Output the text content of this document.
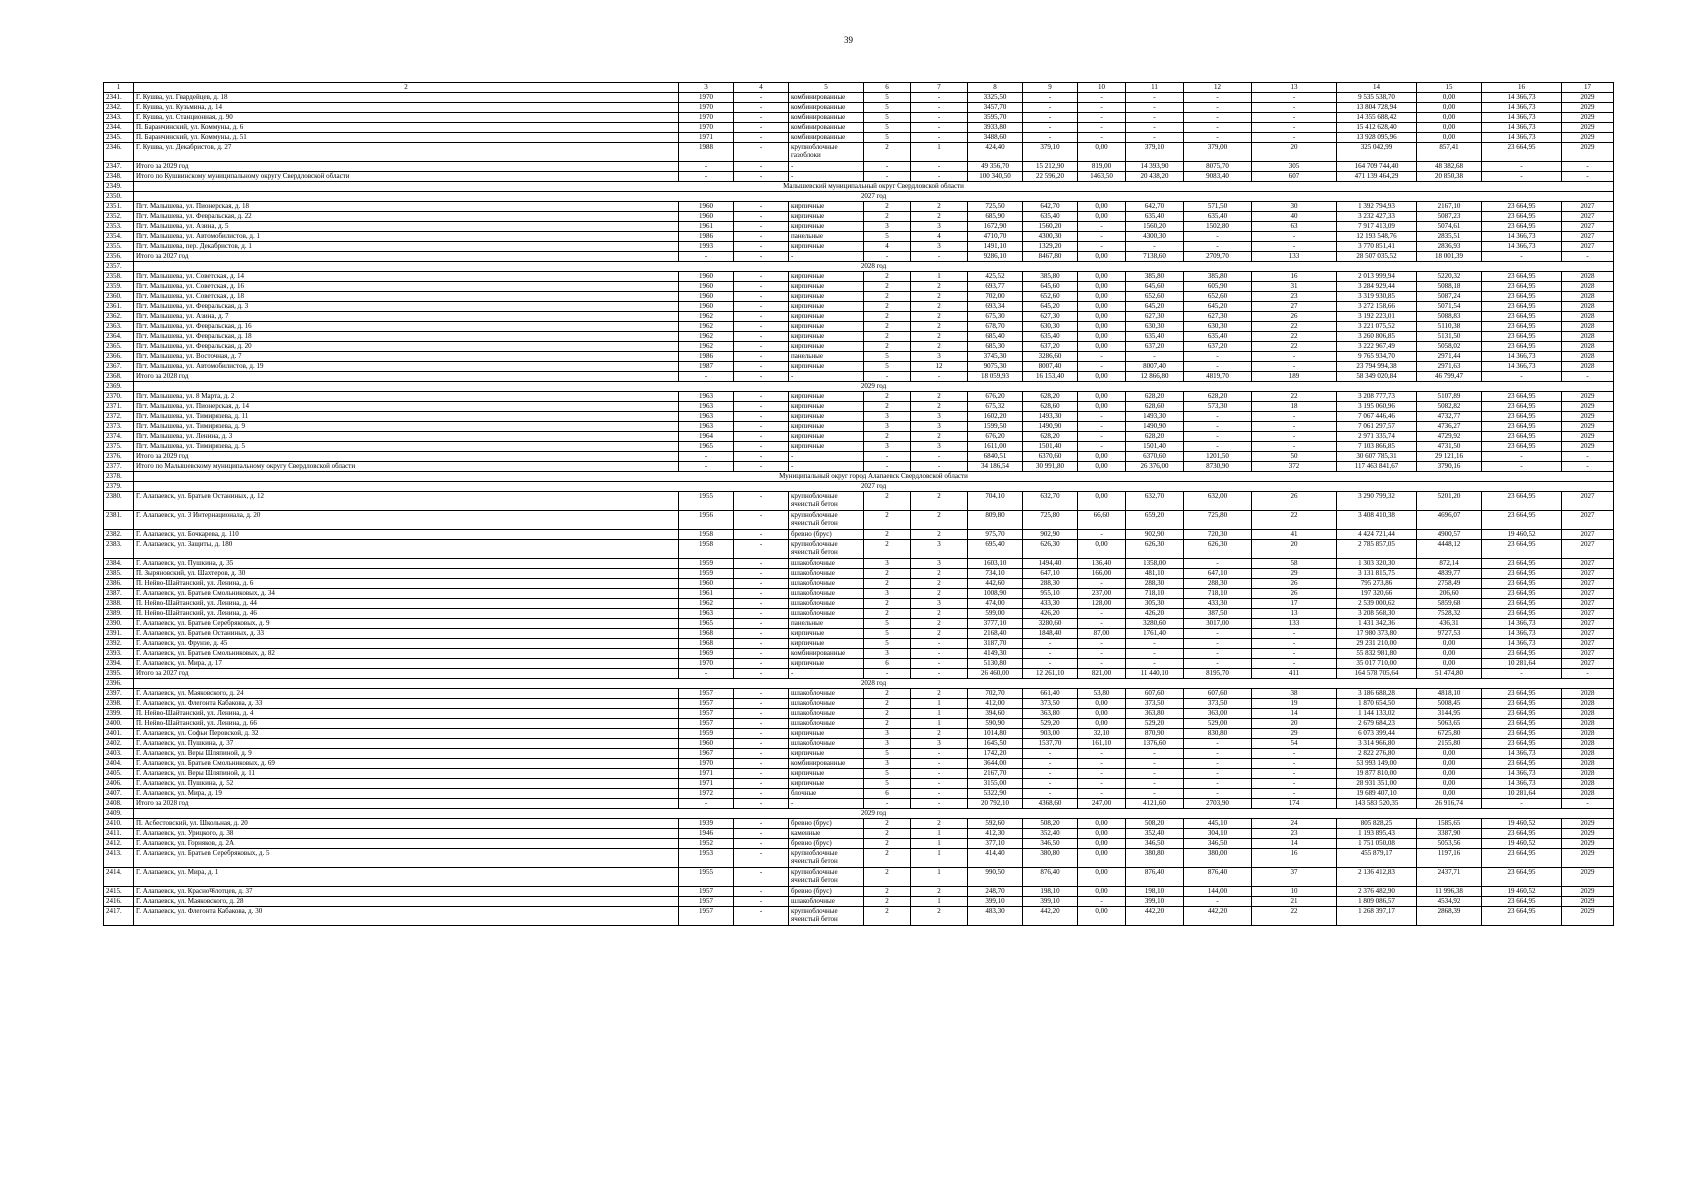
39
1	2	3	4	5	6	7	8	9	10	11	12	13	14	15	16	17
2341.	Г. Кушва, ул. Гвардейцев, д. 18	1970	-	комбинированные	5	-	3325,50	-	-	-	-	-	9 535 538,70	0,00	14 366,73	2029
2342.	Г. Кушва, ул. Кузьмина, д. 14	1970	-	комбинированные	5	-	3457,70	-	-	-	-	-	13 804 728,94	0,00	14 366,73	2029
2343.	Г. Кушва, ул. Станционная, д. 90	1970	-	комбинированные	5	-	3595,70	-	-	-	-	-	14 355 688,42	0,00	14 366,73	2029
2344.	П. Баранчинский, ул. Коммуны, д. 6	1970	-	комбинированные	5	-	3933,80	-	-	-	-	-	15 412 628,40	0,00	14 366,73	2029
2345.	П. Баранчинский, ул. Коммуны, д. 51	1971	-	комбинированные	5	-	3488,60	-	-	-	-	-	13 928 095,96	0,00	14 366,73	2029
2346.	Г. Кушва, ул. Декабристов, д. 27	1988	-	крупноблочные газоблоки	2	1	424,40	379,10	0,00	379,10	379,00	20	325 042,99	857,41	23 664,95	2029
2347.	Итого за 2029 год	-	-	-	-	-	49 356,70	15 212,90	819,00	14 393,90	8075,70	305	164 709 744,40	48 382,68	-	-
2348.	Итого по Кушвинскому муниципальному округу Свердловской области	-	-	-	-	-	100 340,50	22 596,20	1463,50	20 438,20	9083,40	607	471 139 464,29	20 850,38	-	-
2349.	Малышевский муниципальный округ Свердловской области															
2350.	2027 год															
2351.	Пгт. Малышева, ул. Пионерская, д. 18	1960	-	кирпичные	2	2	725,50	642,70	0,00	642,70	571,50	30	1 392 794,93	2167,10	23 664,95	2027
2352.	Пгт. Малышева, ул. Февральская, д. 22	1960	-	кирпичные	2	2	685,90	635,40	0,00	635,40	635,40	40	3 232 427,33	5087,23	23 664,95	2027
2353.	Пгт. Малышева, ул. Азина, д. 5	1961	-	кирпичные	3	3	1672,90	1560,20	-	1560,20	1502,80	63	7 917 413,09	5074,61	23 664,95	2027
2354.	Пгт. Малышева, ул. Автомобилистов, д. 1	1986	-	панельные	5	4	4710,70	4300,30	-	4300,30	-	-	12 193 548,76	2835,51	14 366,73	2027
2355.	Пгт. Малышева, пер. Декабристов, д. 1	1993	-	кирпичные	4	3	1491,10	1329,20	-	-	-	-	3 770 851,41	2836,93	14 366,73	2027
2356.	Итого за 2027 год	-	-	-	-	-	9286,10	8467,80	0,00	7138,60	2709,70	133	28 507 035,52	18 001,39	-	-
2357.	2028 год															
2358.	Пгт. Малышева, ул. Советская, д. 14	1960	-	кирпичные	2	1	425,52	385,80	0,00	385,80	385,80	16	2 013 999,94	5220,32	23 664,95	2028
2359.	Пгт. Малышева, ул. Советская, д. 16	1960	-	кирпичные	2	2	693,77	645,60	0,00	645,60	605,90	31	3 284 929,44	5088,18	23 664,95	2028
2360.	Пгт. Малышева, ул. Советская, д. 18	1960	-	кирпичные	2	2	702,00	652,60	0,00	652,60	652,60	23	3 319 930,85	5087,24	23 664,95	2028
2361.	Пгт. Малышева, ул. Февральская, д. 3	1960	-	кирпичные	2	2	693,34	645,20	0,00	645,20	645,20	27	3 272 158,66	5071,54	23 664,95	2028
2362.	Пгт. Малышева, ул. Азина, д. 7	1962	-	кирпичные	2	2	675,30	627,30	0,00	627,30	627,30	26	3 192 223,01	5088,83	23 664,95	2028
2363.	Пгт. Малышева, ул. Февральская, д. 16	1962	-	кирпичные	2	2	678,70	630,30	0,00	630,30	630,30	22	3 221 075,52	5110,38	23 664,95	2028
2364.	Пгт. Малышева, ул. Февральская, д. 18	1962	-	кирпичные	2	2	685,40	635,40	0,00	635,40	635,40	22	3 260 806,85	5131,50	23 664,95	2028
2365.	Пгт. Малышева, ул. Февральская, д. 20	1962	-	кирпичные	2	2	685,30	637,20	0,00	637,20	637,20	22	3 222 967,49	5058,02	23 664,95	2028
2366.	Пгт. Малышева, ул. Восточная, д. 7	1986	-	панельные	5	3	3745,30	3286,60	-	-	-	-	9 765 934,70	2971,44	14 366,73	2028
2367.	Пгт. Малышева, ул. Автомобилистов, д. 19	1987	-	кирпичные	5	12	9075,30	8007,40	-	8007,40	-	-	23 794 994,38	2971,63	14 366,73	2028
2368.	Итого за 2028 год	-	-	-	-	-	18 059,93	16 153,40	0,00	12 866,80	4819,70	189	58 349 020,84	46 799,47	-	-
2369.	2029 год															
2370.	Пгт. Малышева, ул. 8 Марта, д. 2	1963	-	кирпичные	2	2	676,20	628,20	0,00	628,20	628,20	22	3 208 777,73	5107,89	23 664,95	2029
2371.	Пгт. Малышева, ул. Пионерская, д. 14	1963	-	кирпичные	2	2	675,32	628,60	0,00	628,60	573,30	18	3 195 060,96	5082,82	23 664,95	2029
2372.	Пгт. Малышева, ул. Тимирязева, д. 11	1963	-	кирпичные	3	3	1602,20	1493,30	-	1493,30	-	-	7 067 446,46	4732,77	23 664,95	2029
2373.	Пгт. Малышева, ул. Тимирязева, д. 9	1963	-	кирпичные	3	3	1599,50	1490,90	-	1490,90	-	-	7 061 297,57	4736,27	23 664,95	2029
2374.	Пгт. Малышева, ул. Ленина, д. 3	1964	-	кирпичные	2	2	676,20	628,20	-	628,20	-	-	2 971 335,74	4729,92	23 664,95	2029
2375.	Пгт. Малышева, ул. Тимирязева, д. 5	1965	-	кирпичные	3	3	1611,00	1501,40	-	1501,40	-	-	7 103 866,85	4731,50	23 664,95	2029
2376.	Итого за 2029 год	-	-	-	-	-	6840,51	6370,60	0,00	6370,60	1201,50	50	30 607 785,31	29 121,16	-	-
2377.	Итого по Малышевскому муниципальному округу Свердловской области	-	-	-	-	-	34 186,54	30 991,80	0,00	26 376,00	8730,90	372	117 463 841,67	3790,16	-	-
2378.	Муниципальный округ город Алапаевск Свердловской области															
2379.	2027 год															
2380.	Г. Алапаевск, ул. Братьев Останиных, д. 12	1955	-	крупноблочные ячеистый бетон	2	2	704,10	632,70	0,00	632,70	632,00	26	3 290 799,32	5201,20	23 664,95	2027
2381.	Г. Алапаевск, ул. 3 Интернационала, д. 20	1956	-	крупноблочные ячеистый бетон	2	2	809,80	725,80	66,60	659,20	725,80	22	3 408 410,38	4696,07	23 664,95	2027
2382.	Г. Алапаевск, ул. Бочкарева, д. 110	1958	-	бревно (брус)	2	2	975,70	902,90	-	902,90	720,30	41	4 424 721,44	4900,57	19 460,52	2027
2383.	Г. Алапаевск, ул. Защиты, д. 180	1958	-	крупноблочные ячеистый бетон	2	3	695,40	626,30	0,00	626,30	626,30	20	2 785 857,05	4448,12	23 664,95	2027
2384.	Г. Алапаевск, ул. Пушкина, д. 35	1959	-	шлакоблочные	3	3	1603,10	1494,40	136,40	1358,00	-	58	1 303 320,30	872,14	23 664,95	2027
2385.	П. Зыряновский, ул. Шахтеров, д. 30	1959	-	шлакоблочные	2	2	734,10	647,10	166,00	481,10	647,10	29	3 131 815,75	4839,77	23 664,95	2027
2386.	П. Нейво-Шайтанский, ул. Ленина, д. 6	1960	-	шлакоблочные	2	2	442,60	288,30	-	288,30	288,30	26	795 273,86	2758,49	23 664,95	2027
2387.	Г. Алапаевск, ул. Братьев Смольниковых, д. 34	1961	-	шлакоблочные	3	2	1008,90	955,10	237,00	718,10	718,10	26	197 320,66	206,60	23 664,95	2027
2388.	П. Нейво-Шайтанский, ул. Ленина, д. 44	1962	-	шлакоблочные	2	3	474,00	433,30	128,00	305,30	433,30	17	2 539 000,62	5859,68	23 664,95	2027
2389.	П. Нейво-Шайтанский, ул. Ленина, д. 46	1963	-	шлакоблочные	2	2	599,00	426,20	-	426,20	387,50	13	3 208 568,30	7528,32	23 664,95	2027
2390.	Г. Алапаевск, ул. Братьев Серебряковых, д. 9	1965	-	панельные	5	2	3777,10	3280,60	-	3280,60	3017,00	133	1 431 342,36	436,31	14 366,73	2027
2391.	Г. Алапаевск, ул. Братьев Останиных, д. 33	1968	-	кирпичные	5	2	2168,40	1848,40	87,00	1761,40	-	-	17 980 373,80	9727,53	14 366,73	2027
2392.	Г. Алапаевск, ул. Фрунзе, д. 45	1968	-	кирпичные	5	-	3187,70	-	-	-	-	-	29 231 210,00	0,00	14 366,73	2027
2393.	Г. Алапаевск, ул. Братьев Смольниковых, д. 82	1969	-	комбинированные	3	-	4149,30	-	-	-	-	-	55 832 981,80	0,00	23 664,95	2027
2394.	Г. Алапаевск, ул. Мира, д. 17	1970	-	кирпичные	6	-	5130,80	-	-	-	-	-	35 017 710,00	0,00	10 281,64	2027
2395.	Итого за 2027 год	-	-	-	-	-	26 460,00	12 261,10	821,00	11 440,10	8195,70	411	164 578 705,64	51 474,80	-	-
2396.	2028 год															
2397.	Г. Алапаевск, ул. Маяковского, д. 24	1957	-	шлакоблочные	2	2	702,70	661,40	53,80	607,60	607,60	38	3 186 688,28	4818,10	23 664,95	2028
2398.	Г. Алапаевск, ул. Флегонта Кабакова, д. 33	1957	-	шлакоблочные	2	1	412,00	373,50	0,00	373,50	373,50	19	1 870 654,50	5008,45	23 664,95	2028
2399.	П. Нейво-Шайтанский, ул. Ленина, д. 4	1957	-	шлакоблочные	2	1	394,60	363,80	0,00	363,80	363,00	14	1 144 133,02	3144,95	23 664,95	2028
2400.	П. Нейво-Шайтанский, ул. Ленина, д. 66	1957	-	шлакоблочные	2	1	590,90	529,20	0,00	529,20	529,00	20	2 679 684,23	5063,65	23 664,95	2028
2401.	Г. Алапаевск, ул. Софьи Перовской, д. 32	1959	-	кирпичные	3	2	1014,80	903,00	32,10	870,90	830,80	29	6 073 399,44	6725,80	23 664,95	2028
2402.	Г. Алапаевск, ул. Пушкина, д. 37	1960	-	шлакоблочные	3	3	1645,50	1537,70	161,10	1376,60	-	54	3 314 966,80	2155,80	23 664,95	2028
2403.	Г. Алапаевск, ул. Веры Шляпиной, д. 9	1967	-	кирпичные	5	-	1742,20	-	-	-	-	-	2 822 276,80	0,00	14 366,73	2028
2404.	Г. Алапаевск, ул. Братьев Смольниковых, д. 69	1970	-	комбинированные	3	-	3644,00	-	-	-	-	-	53 993 149,00	0,00	23 664,95	2028
2405.	Г. Алапаевск, ул. Веры Шляпиной, д. 11	1971	-	кирпичные	5	-	2167,70	-	-	-	-	-	19 877 810,00	0,00	14 366,73	2028
2406.	Г. Алапаевск, ул. Пушкина, д. 52	1971	-	кирпичные	5	-	3155,00	-	-	-	-	-	28 931 351,00	0,00	14 366,73	2028
2407.	Г. Алапаевск, ул. Мира, д. 19	1972	-	блочные	6	-	5322,90	-	-	-	-	-	19 689 407,10	0,00	10 281,64	2028
2408.	Итого за 2028 год	-	-	-	-	-	20 792,10	4368,60	247,00	4121,60	2703,90	174	143 583 520,35	26 916,74	-	-
2409.	2029 год															
2410.	П. Асбестовский, ул. Школьная, д. 20	1939	-	бревно (брус)	2	2	592,60	508,20	0,00	508,20	445,10	24	805 828,25	1585,65	19 460,52	2029
2411.	Г. Алапаевск, ул. Урицкого, д. 38	1946	-	каменные	2	1	412,30	352,40	0,00	352,40	304,10	23	1 193 895,43	3387,90	23 664,95	2029
2412.	Г. Алапаевск, ул. Горняков, д. 2А	1952	-	бревно (брус)	2	1	377,10	346,50	0,00	346,50	346,50	14	1 751 050,08	5053,56	19 460,52	2029
2413.	Г. Алапаевск, ул. Братьев Серебряковых, д. 5	1953	-	крупноблочные ячеистый бетон	2	1	414,40	380,80	0,00	380,80	380,00	16	455 879,17	1197,16	23 664,95	2029
2414.	Г. Алапаевск, ул. Мира, д. 1	1955	-	крупноблочные ячеистый бетон	2	1	990,50	876,40	0,00	876,40	876,40	37	2 136 412,83	2437,71	23 664,95	2029
2415.	Г. Алапаевск, ул. Красноफлотцев, д. 37	1957	-	бревно (брус)	2	2	248,70	198,10	0,00	198,10	144,00	10	2 376 482,90	11 996,38	19 460,52	2029
2416.	Г. Алапаевск, ул. Маяковского, д. 28	1957	-	шлакоблочные	2	1	399,10	399,10	-	399,10	-	21	1 809 086,57	4534,92	23 664,95	2029
2417.	Г. Алапаевск, ул. Флегонта Кабакова, д. 30	1957	-	крупноблочные ячеистый бетон	2	2	483,30	442,20	0,00	442,20	442,20	22	1 268 397,17	2868,39	23 664,95	2029
